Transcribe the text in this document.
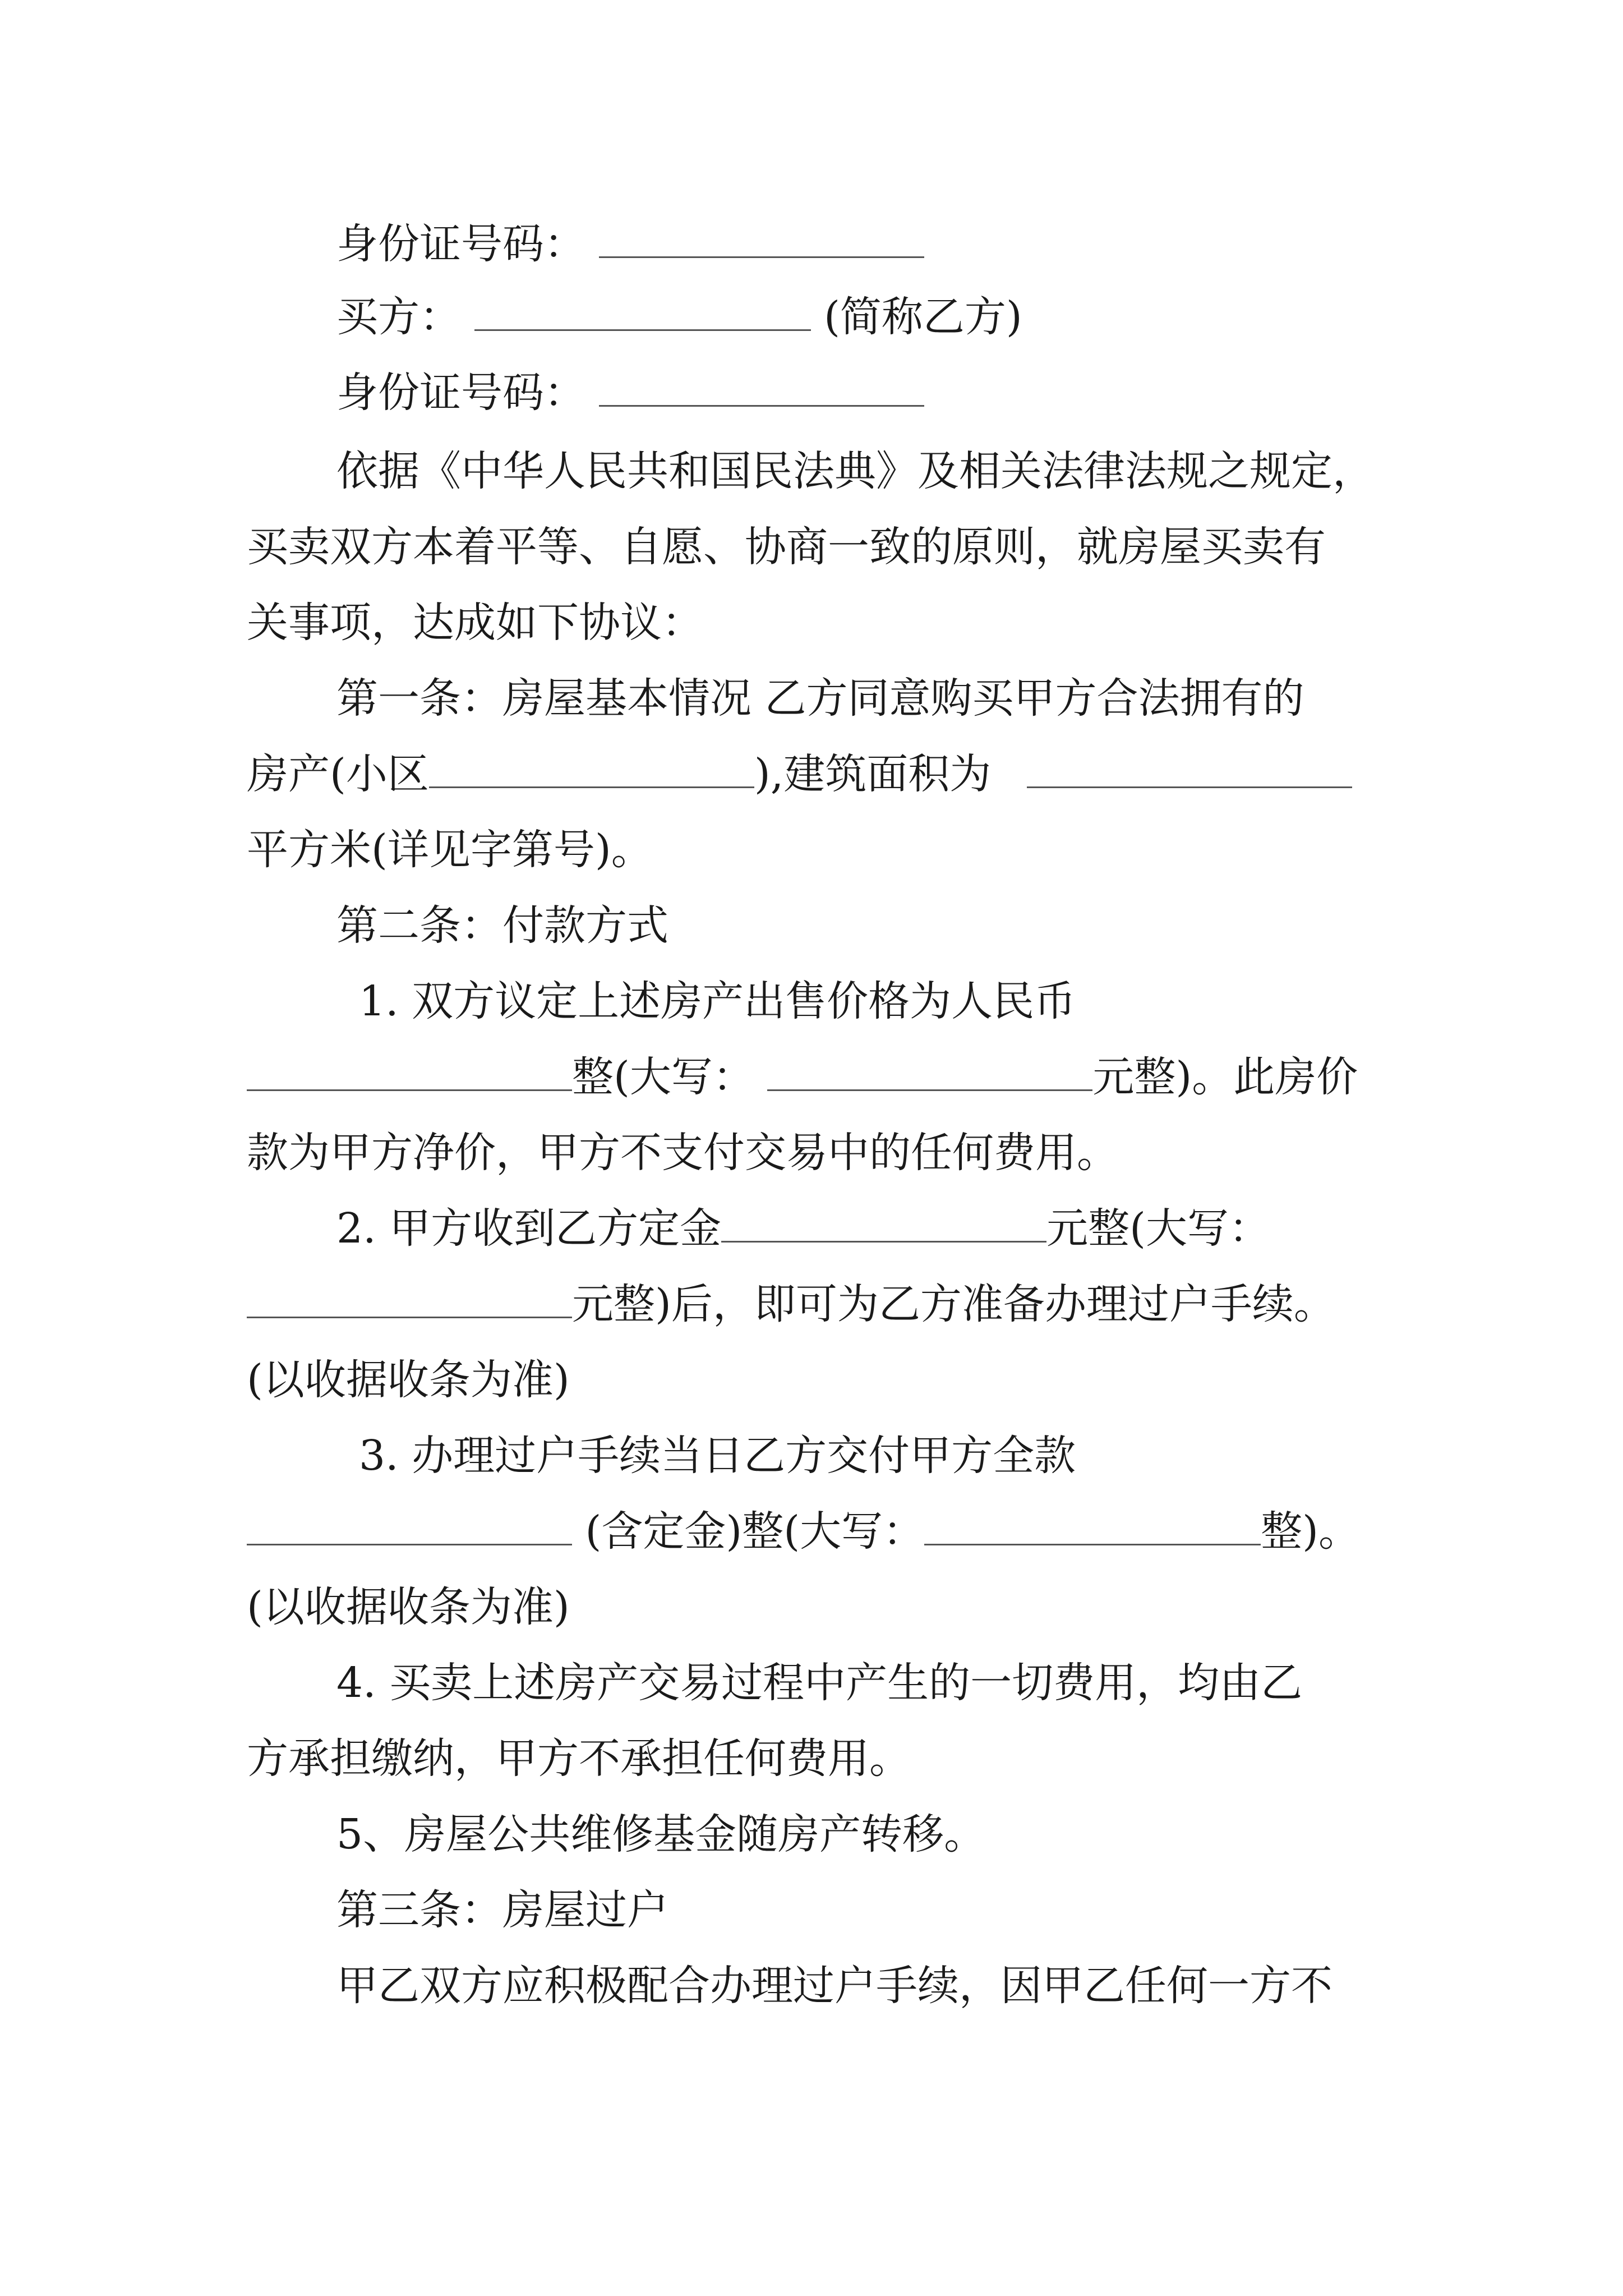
身份证号码：
买方：	(简称乙方)
身份证号码：
依据《中华人民共和国民法典》及相关法律法规之规定，
买卖双方本着平等、自愿、协商一致的原则，就房屋买卖有
关事项，达成如下协议：
第一条：房屋基本情况 乙方同意购买甲方合法拥有的
房产(小区	),建筑面积为
平方米(详见字第号)。
第二条：付款方式
1. 双方议定上述房产出售价格为人民币
整(大写：	元整)。此房价
款为甲方净价，甲方不支付交易中的任何费用。
2. 甲方收到乙方定金	元整(大写：
元整)后，即可为乙方准备办理过户手续。
(以收据收条为准)
3. 办理过户手续当日乙方交付甲方全款
(含定金)整(大写：	整)。
(以收据收条为准)
4. 买卖上述房产交易过程中产生的一切费用，均由乙
方承担缴纳，甲方不承担任何费用。
5、房屋公共维修基金随房产转移。
第三条：房屋过户
甲乙双方应积极配合办理过户手续，因甲乙任何一方不
